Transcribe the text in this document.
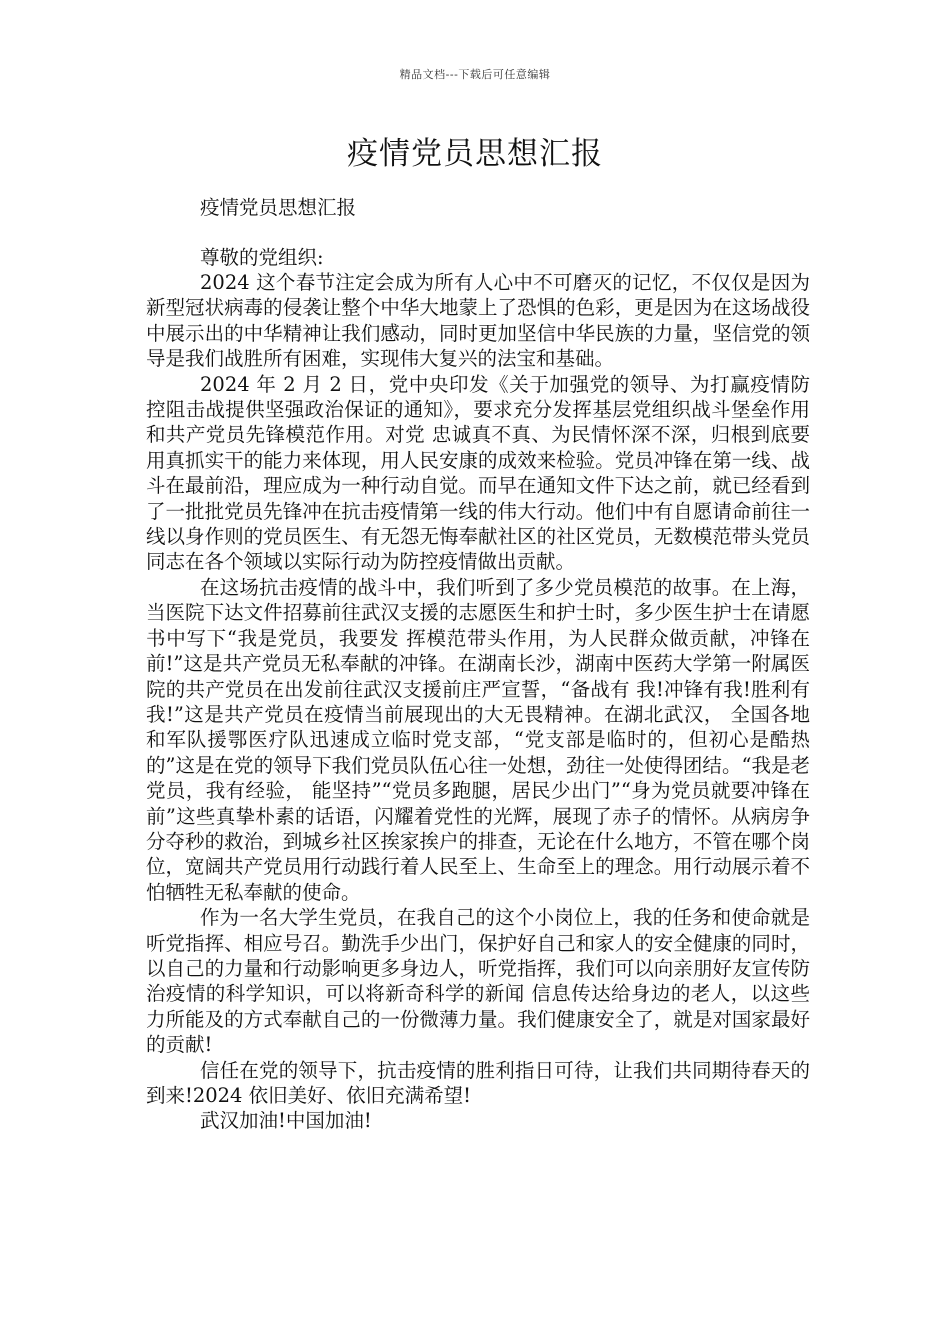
精品文档---下载后可任意编辑
疫情党员思想汇报

疫情党员思想汇报

尊敬的党组织:

2024 这个春节注定会成为所有人心中不可磨灭的记忆，不仅仅是因为新型冠状病毒的侵袭让整个中华大地蒙上了恐惧的色彩，更是因为在这场战役中展示出的中华精神让我们感动，同时更加坚信中华民族的力量，坚信党的领导是我们战胜所有困难，实现伟大复兴的法宝和基础。

2024 年 2 月 2 日，党中央印发《关于加强党的领导、为打赢疫情防控阻击战提供坚强政治保证的通知》，要求充分发挥基层党组织战斗堡垒作用和共产党员先锋模范作用。对党 忠诚真不真、为民情怀深不深，归根到底要用真抓实干的能力来体现，用人民安康的成效来检验。党员冲锋在第一线、战斗在最前沿，理应成为一种行动自觉。而早在通知文件下达之前，就已经看到了一批批党员先锋冲在抗击疫情第一线的伟大行动。他们中有自愿请命前往一线以身作则的党员医生、有无怨无悔奉献社区的社区党员，无数模范带头党员同志在各个领域以实际行动为防控疫情做出贡献。

在这场抗击疫情的战斗中，我们听到了多少党员模范的故事。在上海，当医院下达文件招募前往武汉支援的志愿医生和护士时，多少医生护士在请愿书中写下“我是党员，我要发 挥模范带头作用，为人民群众做贡献，冲锋在前!”这是共产党员无私奉献的冲锋。在湖南长沙，湖南中医药大学第一附属医院的共产党员在出发前往武汉支援前庄严宣誓，“备战有 我!冲锋有我!胜利有我!”这是共产党员在疫情当前展现出的大无畏精神。在湖北武汉， 全国各地和军队援鄂医疗队迅速成立临时党支部，“党支部是临时的，但初心是酷热的”这是在党的领导下我们党员队伍心往一处想，劲往一处使得团结。“我是老党员，我有经验， 能坚持”“党员多跑腿，居民少出门”“身为党员就要冲锋在前”这些真挚朴素的话语，闪耀着党性的光辉，展现了赤子的情怀。从病房争分夺秒的救治，到城乡社区挨家挨户的排查，无论在什么地方，不管在哪个岗位，宽阔共产党员用行动践行着人民至上、生命至上的理念。用行动展示着不怕牺牲无私奉献的使命。

作为一名大学生党员，在我自己的这个小岗位上，我的任务和使命就是听党指挥、相应号召。勤洗手少出门，保护好自己和家人的安全健康的同时，以自己的力量和行动影响更多身边人，听党指挥，我们可以向亲朋好友宣传防治疫情的科学知识，可以将新奇科学的新闻 信息传达给身边的老人，以这些力所能及的方式奉献自己的一份微薄力量。我们健康安全了，就是对国家最好的贡献!

信任在党的领导下，抗击疫情的胜利指日可待，让我们共同期待春天的到来!2024 依旧美好、依旧充满希望!

武汉加油!中国加油!
